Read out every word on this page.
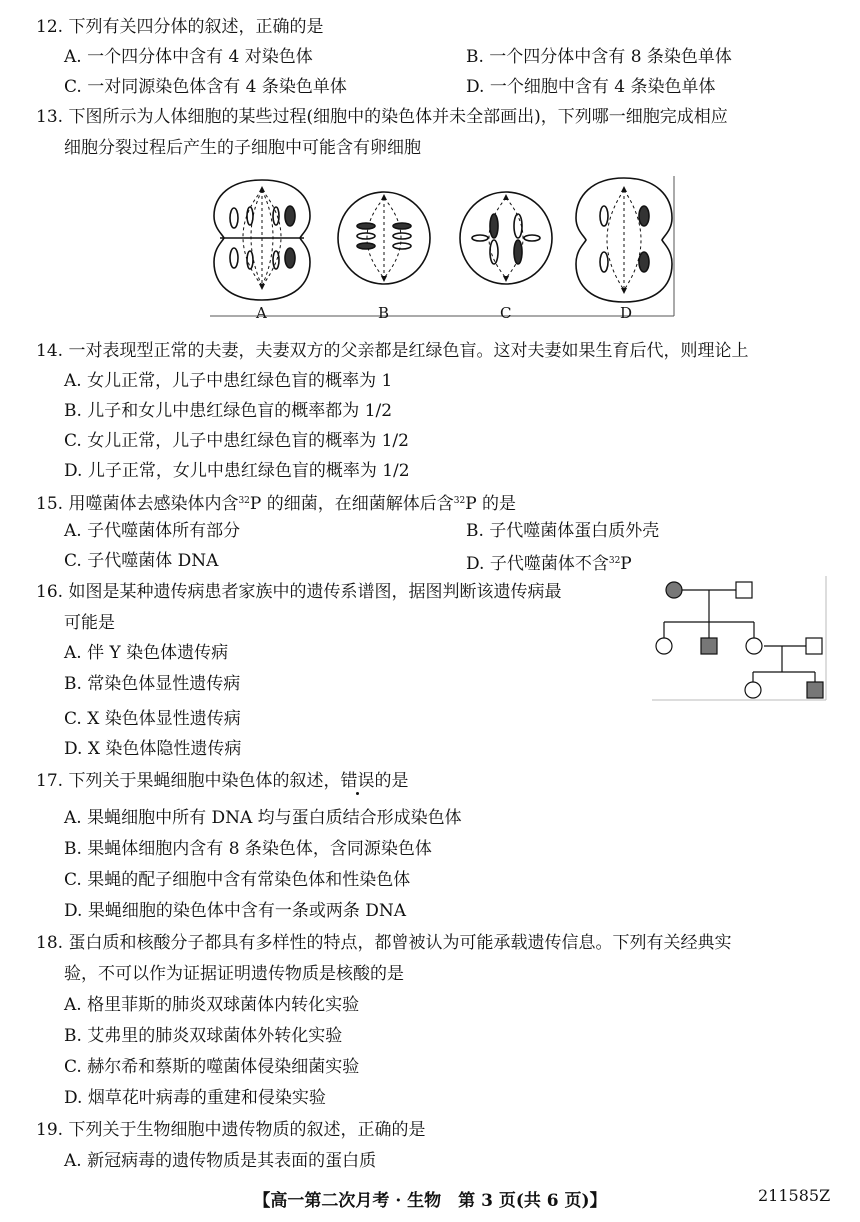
12. 下列有关四分体的叙述，正确的是
A. 一个四分体中含有 4 对染色体	B. 一个四分体中含有 8 条染色单体
C. 一对同源染色体含有 4 条染色单体	D. 一个细胞中含有 4 条染色单体
13. 下图所示为人体细胞的某些过程(细胞中的染色体并未全部画出)，下列哪一细胞完成相应
细胞分裂过程后产生的子细胞中可能含有卵细胞
A	B	C	D
14. 一对表现型正常的夫妻，夫妻双方的父亲都是红绿色盲。这对夫妻如果生育后代，则理论上
A. 女儿正常，儿子中患红绿色盲的概率为 1
B. 儿子和女儿中患红绿色盲的概率都为 1/2
C. 女儿正常，儿子中患红绿色盲的概率为 1/2
D. 儿子正常，女儿中患红绿色盲的概率为 1/2
15. 用噬菌体去感染体内含$^{32}$P 的细菌，在细菌解体后含$^{32}$P 的是
A. 子代噬菌体所有部分	B. 子代噬菌体蛋白质外壳
C. 子代噬菌体 DNA	D. 子代噬菌体不含$^{32}$P
16. 如图是某种遗传病患者家族中的遗传系谱图，据图判断该遗传病最
可能是
A. 伴 Y 染色体遗传病
B. 常染色体显性遗传病
C. X 染色体显性遗传病
D. X 染色体隐性遗传病
17. 下列关于果蝇细胞中染色体的叙述，错误的是
A. 果蝇细胞中所有 DNA 均与蛋白质结合形成染色体
B. 果蝇体细胞内含有 8 条染色体，含同源染色体
C. 果蝇的配子细胞中含有常染色体和性染色体
D. 果蝇细胞的染色体中含有一条或两条 DNA
18. 蛋白质和核酸分子都具有多样性的特点，都曾被认为可能承载遗传信息。下列有关经典实
验，不可以作为证据证明遗传物质是核酸的是
A. 格里菲斯的肺炎双球菌体内转化实验
B. 艾弗里的肺炎双球菌体外转化实验
C. 赫尔希和蔡斯的噬菌体侵染细菌实验
D. 烟草花叶病毒的重建和侵染实验
19. 下列关于生物细胞中遗传物质的叙述，正确的是
A. 新冠病毒的遗传物质是其表面的蛋白质
【高一第二次月考 · 生物　第 3 页(共 6 页)】	211585Z
